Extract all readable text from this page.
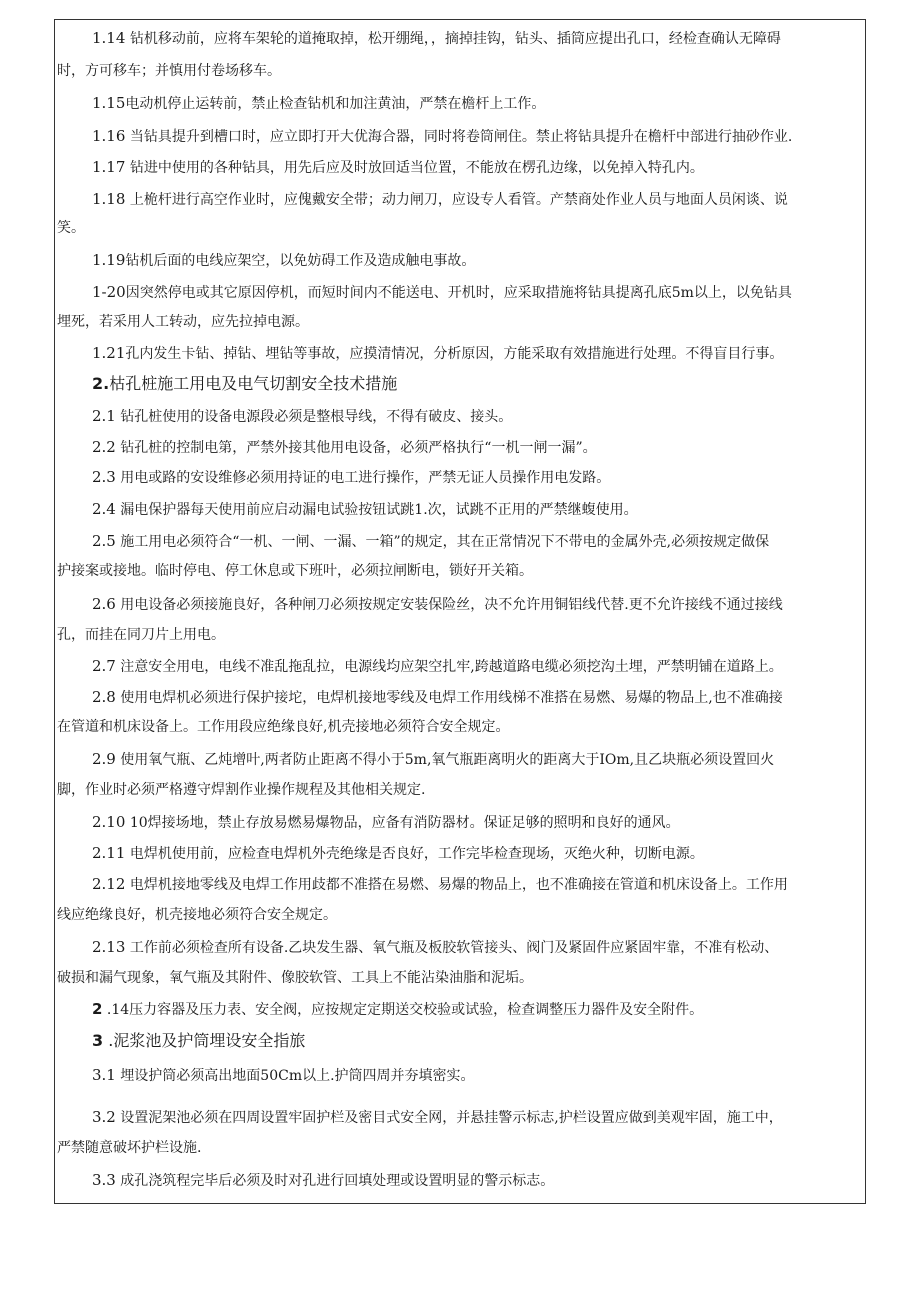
1.14 钻机移动前，应将车架轮的道掩取掉，松开绷绳，，摘掉挂钩，钻头、插筒应提出孔口，经检查确认无障碍
时，方可移车；并慎用付卷场移车。
1.15电动机停止运转前，禁止检查钻机和加注黄油，严禁在檐杆上工作。
1.16 当钻具提升到槽口时，应立即打开大优海合器，同时将卷筒闸住。禁止将钻具提升在檐杆中部进行抽砂作业.
1.17 钻进中使用的各种钻具，用先后应及时放回适当位置，不能放在楞孔边缘，以免掉入特孔内。
1.18 上桅杆进行高空作业时，应傀戴安全带；动力闸刀，应设专人看管。产禁商处作业人员与地面人员闲谈、说
笑。
1.19钻机后面的电线应架空，以免妨碍工作及造成触电事故。
1-20因突然停电或其它原因停机，而短时间内不能送电、开机时，应采取措施将钻具提离孔底5m以上，以免钻具
埋死，若采用人工转动，应先拉掉电源。
1.21孔内发生卡钻、掉钻、埋钻等事故，应摸清情况，分析原因，方能采取有效措施进行处理。不得盲目行事。
2.枯孔桩施工用电及电气切割安全技术措施
2.1 钻孔桩使用的设备电源段必须是整根导线，不得有破皮、接头。
2.2 钻孔桩的控制电第，严禁外接其他用电设备，必须严格执行“一机一闸一漏”。
2.3 用电或路的安设维修必须用持证的电工进行操作，严禁无证人员操作用电发路。
2.4 漏电保护器每天使用前应启动漏电试验按钮试跳1.次，试跳不正用的严禁继蝮使用。
2.5 施工用电必须符合“一机、一闸、一漏、一箱”的规定，其在正常情况下不带电的金属外壳,必须按规定做保
护接案或接地。临时停电、停工休息或下班叶，必须拉闸断电，锁好开关箱。
2.6 用电设备必须接施良好，各种闸刀必须按规定安装保险丝，决不允许用铜铝线代替.更不允许接线不通过接线
孔，而挂在同刀片上用电。
2.7 注意安全用电，电线不准乱拖乱拉，电源线均应架空扎牢,跨越道路电缆必须挖沟土埋，严禁明铺在道路上。
2.8 使用电焊机必须进行保护接坨，电焊机接地零线及电焊工作用线梯不准搭在易燃、易爆的物品上,也不准确接
在管道和机床设备上。工作用段应绝缘良好,机壳接地必须符合安全规定。
2.9 使用氧气瓶、乙炖增叶,两者防止距离不得小于5m,氧气瓶距离明火的距离大于IOm,且乙块瓶必须设置回火
脚，作业时必须严格遵守焊割作业操作规程及其他相关规定.
2.10 10焊接场地，禁止存放易燃易爆物品，应备有消防器材。保证足够的照明和良好的通风。
2.11 电焊机使用前，应检查电焊机外壳绝缘是否良好，工作完毕检查现场，灭绝火种，切断电源。
2.12 电焊机接地零线及电焊工作用歧都不准搭在易燃、易爆的物品上，也不准确接在管道和机床设备上。工作用
线应绝缘良好，机壳接地必须符合安全规定。
2.13 工作前必须检查所有设备.乙块发生器、氧气瓶及板胶软管接头、阀门及紧固件应紧固牢靠，不准有松动、
破损和漏气现象，氧气瓶及其附件、像胶软管、工具上不能沾染油脂和泥垢。
2 .14压力容器及压力表、安全阀，应按规定定期送交校验或试验，检查调整压力器件及安全附件。
3 .泥浆池及护筒埋设安全指旅
3.1 埋设护筒必须高出地面50Cm以上.护筒四周并夯填密实。
3.2 设置泥架池必须在四周设置牢固护栏及密目式安全网，并悬挂警示标志,护栏设置应做到美观牢固，施工中，
严禁随意破坏护栏设施.
3.3 成孔浇筑程完毕后必须及时对孔进行回填处理或设置明显的警示标志。
